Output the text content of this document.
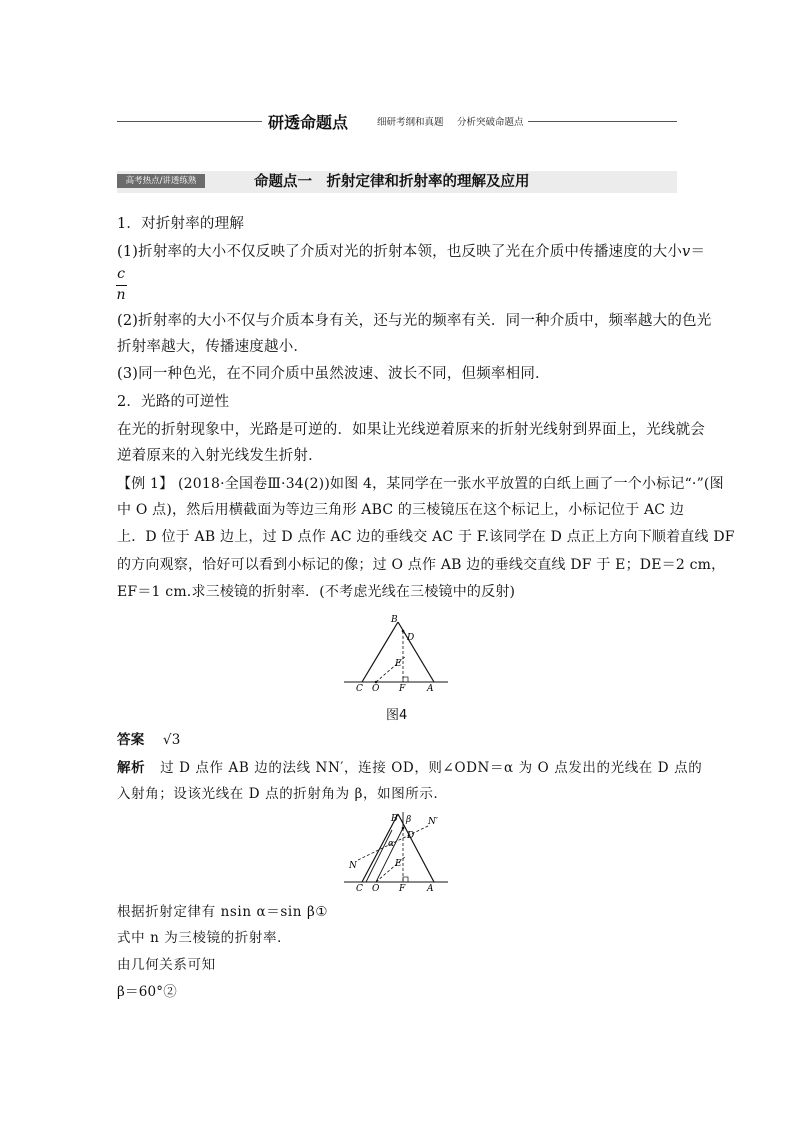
研透命题点	细研考纲和真题 分析突破命题点
高考热点/讲透练熟	命题点一　折射定律和折射率的理解及应用
1．对折射率的理解
(1)折射率的大小不仅反映了介质对光的折射本领，也反映了光在介质中传播速度的大小v＝
c
n
(2)折射率的大小不仅与介质本身有关，还与光的频率有关．同一种介质中，频率越大的色光
折射率越大，传播速度越小．
(3)同一种色光，在不同介质中虽然波速、波长不同，但频率相同．
2．光路的可逆性
在光的折射现象中，光路是可逆的．如果让光线逆着原来的折射光线射到界面上，光线就会
逆着原来的入射光线发生折射．
【例 1】 (2018·全国卷Ⅲ·34(2))如图 4，某同学在一张水平放置的白纸上画了一个小标记“·”(图
中 O 点)，然后用横截面为等边三角形 ABC 的三棱镜压在这个标记上，小标记位于 AC 边
上．D 位于 AB 边上，过 D 点作 AC 边的垂线交 AC 于 F.该同学在 D 点正上方向下顺着直线 DF
的方向观察，恰好可以看到小标记的像；过 O 点作 AB 边的垂线交直线 DF 于 E；DE＝2 cm，
EF＝1 cm.求三棱镜的折射率．(不考虑光线在三棱镜中的反射)
B
D
E
C O F A
图4
答案 √3
解析 过 D 点作 AB 边的法线 NN′，连接 OD，则∠ODN＝α 为 O 点发出的光线在 D 点的
入射角；设该光线在 D 点的折射角为 β，如图所示．
B β N′
D
α
E
N
C O F A
根据折射定律有 nsin α＝sin β①
式中 n 为三棱镜的折射率．
由几何关系可知
β＝60°②
